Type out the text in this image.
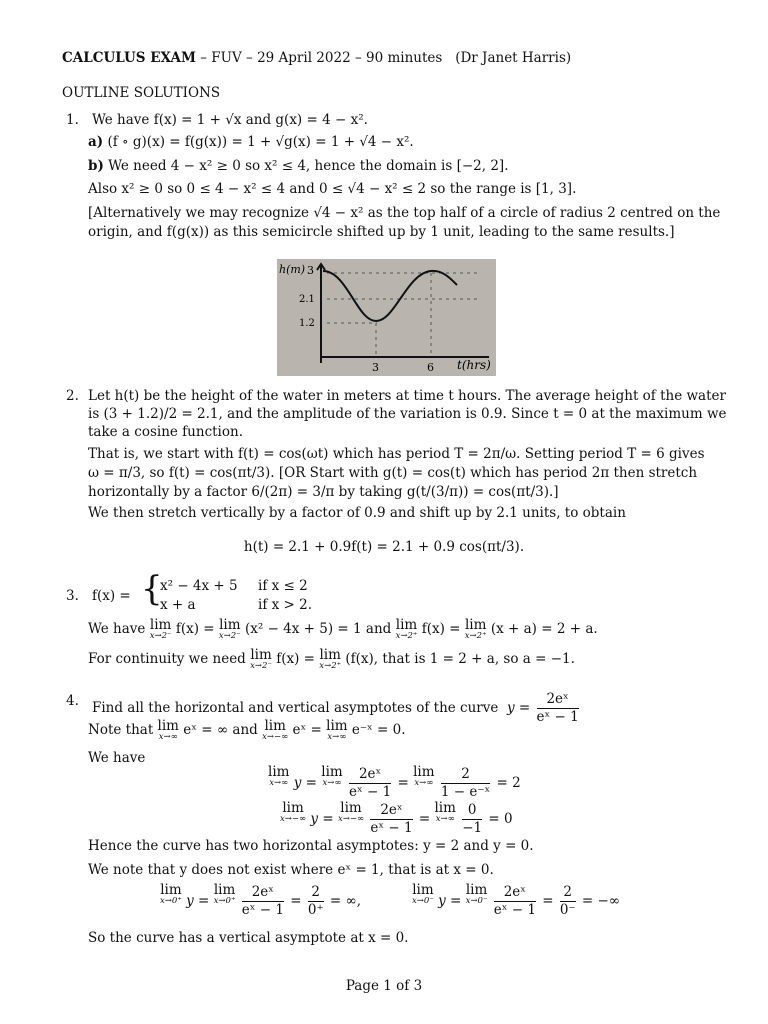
CALCULUS EXAM – FUV – 29 April 2022 – 90 minutes (Dr Janet Harris)
OUTLINE SOLUTIONS
1. We have f(x) = 1 + √x and g(x) = 4 − x².
a) (f ∘ g)(x) = f(g(x)) = 1 + √g(x) = 1 + √4 − x².
b) We need 4 − x² ≥ 0 so x² ≤ 4, hence the domain is [−2, 2].
Also x² ≥ 0 so 0 ≤ 4 − x² ≤ 4 and 0 ≤ √4 − x² ≤ 2 so the range is [1, 3].
[Alternatively we may recognize √4 − x² as the top half of a circle of radius 2 centred on the
origin, and f(g(x)) as this semicircle shifted up by 1 unit, leading to the same results.]
h(m) 3
2.1
1.2
3	6 t(hrs)
2. Let h(t) be the height of the water in meters at time t hours. The average height of the water
is (3 + 1.2)/2 = 2.1, and the amplitude of the variation is 0.9. Since t = 0 at the maximum we
take a cosine function.
That is, we start with f(t) = cos(ωt) which has period T = 2π/ω. Setting period T = 6 gives
ω = π/3, so f(t) = cos(πt/3). [OR Start with g(t) = cos(t) which has period 2π then stretch
horizontally by a factor 6/(2π) = 3/π by taking g(t/(3/π)) = cos(πt/3).]
We then stretch vertically by a factor of 0.9 and shift up by 2.1 units, to obtain
h(t) = 2.1 + 0.9f(t) = 2.1 + 0.9 cos(πt/3).
3. f(x) = {
x² − 4x + 5 if x ≤ 2
x + a	if x > 2.
We have lim
x→2⁻ f(x) = lim
x→2⁻ (x² − 4x + 5) = 1 and lim
x→2⁺ f(x) = lim
x→2⁺ (x + a) = 2 + a.
For continuity we need lim
x→2⁻ f(x) = lim
x→2⁺ (f(x), that is 1 = 2 + a, so a = −1.
4. Find all the horizontal and vertical asymptotes of the curve $y = \frac{\text{2eˣ}}{\text{eˣ − 1}}$
Note that lim
x→∞ eˣ = ∞ and lim
x→−∞ eˣ = lim
x→∞ e⁻ˣ = 0.
We have
lim
x→∞ y = lim
x→∞
$\frac{\text{2eˣ}}{\text{eˣ − 1}} = \lim$
x→∞
$\frac{2}{\text{1 − e⁻ˣ}} = 2$
lim
x→−∞ y = lim
x→−∞
$\frac{\text{2eˣ}}{\text{eˣ − 1}} = \lim$
x→∞
$\frac{0}{-1} = 0$
Hence the curve has two horizontal asymptotes: y = 2 and y = 0.
We note that y does not exist where eˣ = 1, that is at x = 0.
lim
x→0⁺ y = lim
x→0⁺
$\frac{\text{2eˣ}}{\text{eˣ − 1}} = \frac{2}{0^+}$ = ∞,
lim
x→0⁻ y = lim
x→0⁻
$\frac{\text{2eˣ}}{\text{eˣ − 1}} = \frac{2}{0^-}$ = −∞
So the curve has a vertical asymptote at x = 0.
Page 1 of 3
